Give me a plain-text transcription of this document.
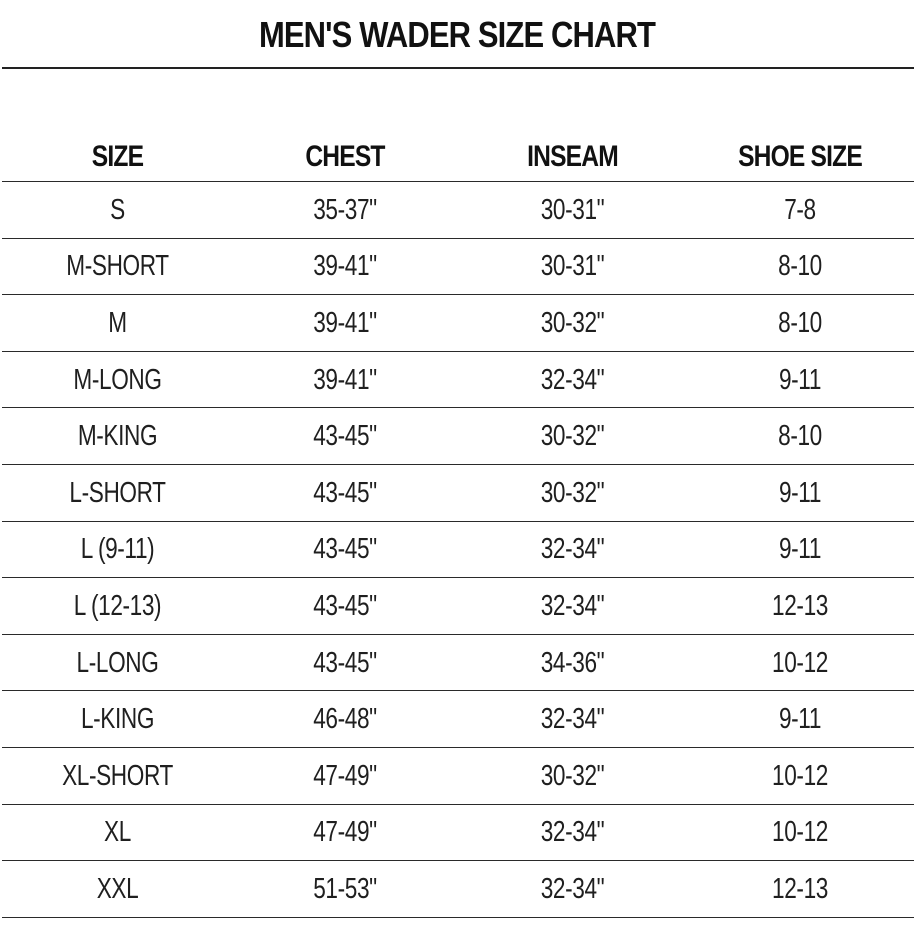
MEN'S WADER SIZE CHART
SIZE	CHEST	INSEAM	SHOE SIZE
S	35-37"	30-31"	7-8
M-SHORT	39-41"	30-31"	8-10
M	39-41"	30-32"	8-10
M-LONG	39-41"	32-34"	9-11
M-KING	43-45"	30-32"	8-10
L-SHORT	43-45"	30-32"	9-11
L (9-11)	43-45"	32-34"	9-11
L (12-13)	43-45"	32-34"	12-13
L-LONG	43-45"	34-36"	10-12
L-KING	46-48"	32-34"	9-11
XL-SHORT	47-49"	30-32"	10-12
XL	47-49"	32-34"	10-12
XXL	51-53"	32-34"	12-13
